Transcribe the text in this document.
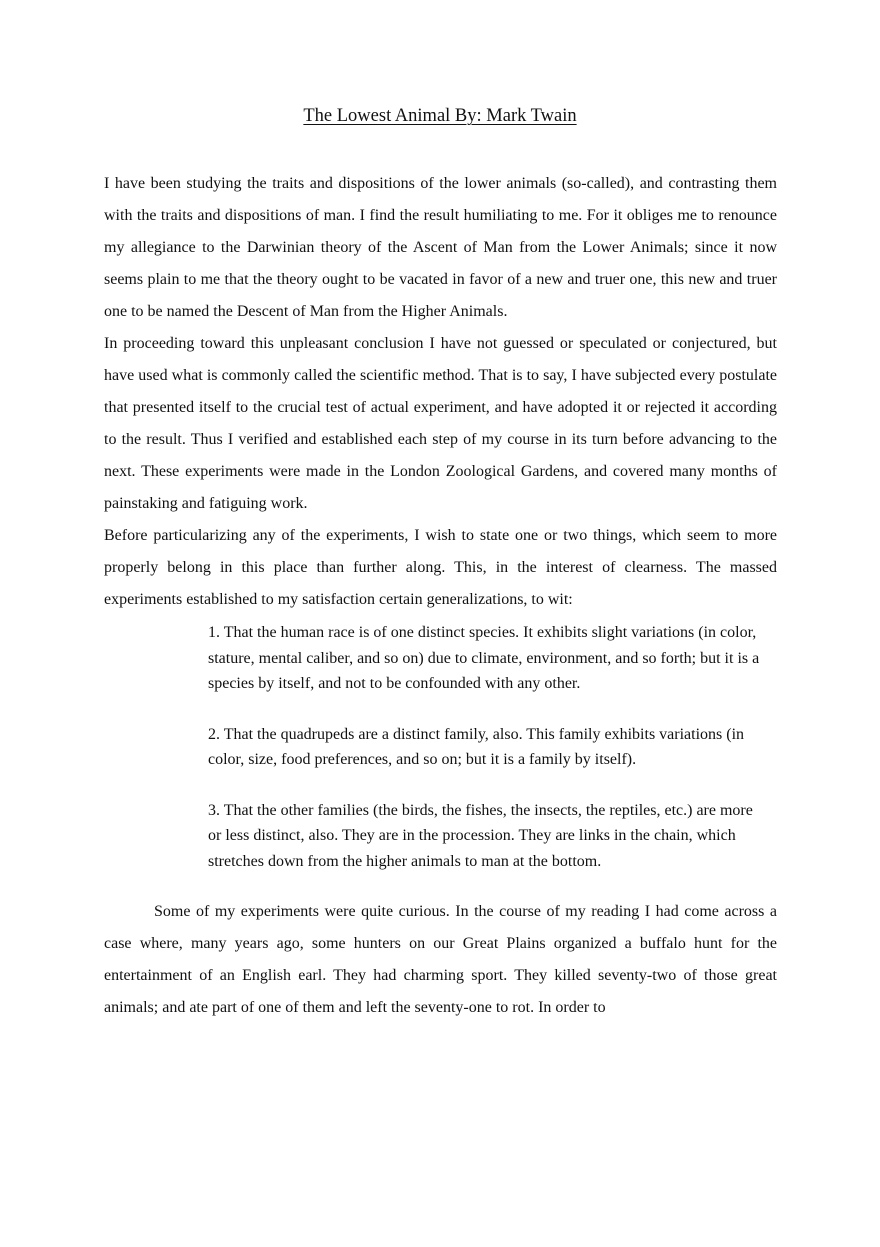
The Lowest Animal By: Mark Twain

I have been studying the traits and dispositions of the lower animals (so-called), and contrasting them with the traits and dispositions of man. I find the result humiliating to me. For it obliges me to renounce my allegiance to the Darwinian theory of the Ascent of Man from the Lower Animals; since it now seems plain to me that the theory ought to be vacated in favor of a new and truer one, this new and truer one to be named the Descent of Man from the Higher Animals.

In proceeding toward this unpleasant conclusion I have not guessed or speculated or conjectured, but have used what is commonly called the scientific method. That is to say, I have subjected every postulate that presented itself to the crucial test of actual experiment, and have adopted it or rejected it according to the result. Thus I verified and established each step of my course in its turn before advancing to the next. These experiments were made in the London Zoological Gardens, and covered many months of painstaking and fatiguing work.

Before particularizing any of the experiments, I wish to state one or two things, which seem to more properly belong in this place than further along. This, in the interest of clearness. The massed experiments established to my satisfaction certain generalizations, to wit:

1. That the human race is of one distinct species. It exhibits slight variations (in color, stature, mental caliber, and so on) due to climate, environment, and so forth; but it is a species by itself, and not to be confounded with any other.

2. That the quadrupeds are a distinct family, also. This family exhibits variations (in color, size, food preferences, and so on; but it is a family by itself).

3. That the other families (the birds, the fishes, the insects, the reptiles, etc.) are more or less distinct, also. They are in the procession. They are links in the chain, which stretches down from the higher animals to man at the bottom.

Some of my experiments were quite curious. In the course of my reading I had come across a case where, many years ago, some hunters on our Great Plains organized a buffalo hunt for the entertainment of an English earl. They had charming sport. They killed seventy-two of those great animals; and ate part of one of them and left the seventy-one to rot. In order to
